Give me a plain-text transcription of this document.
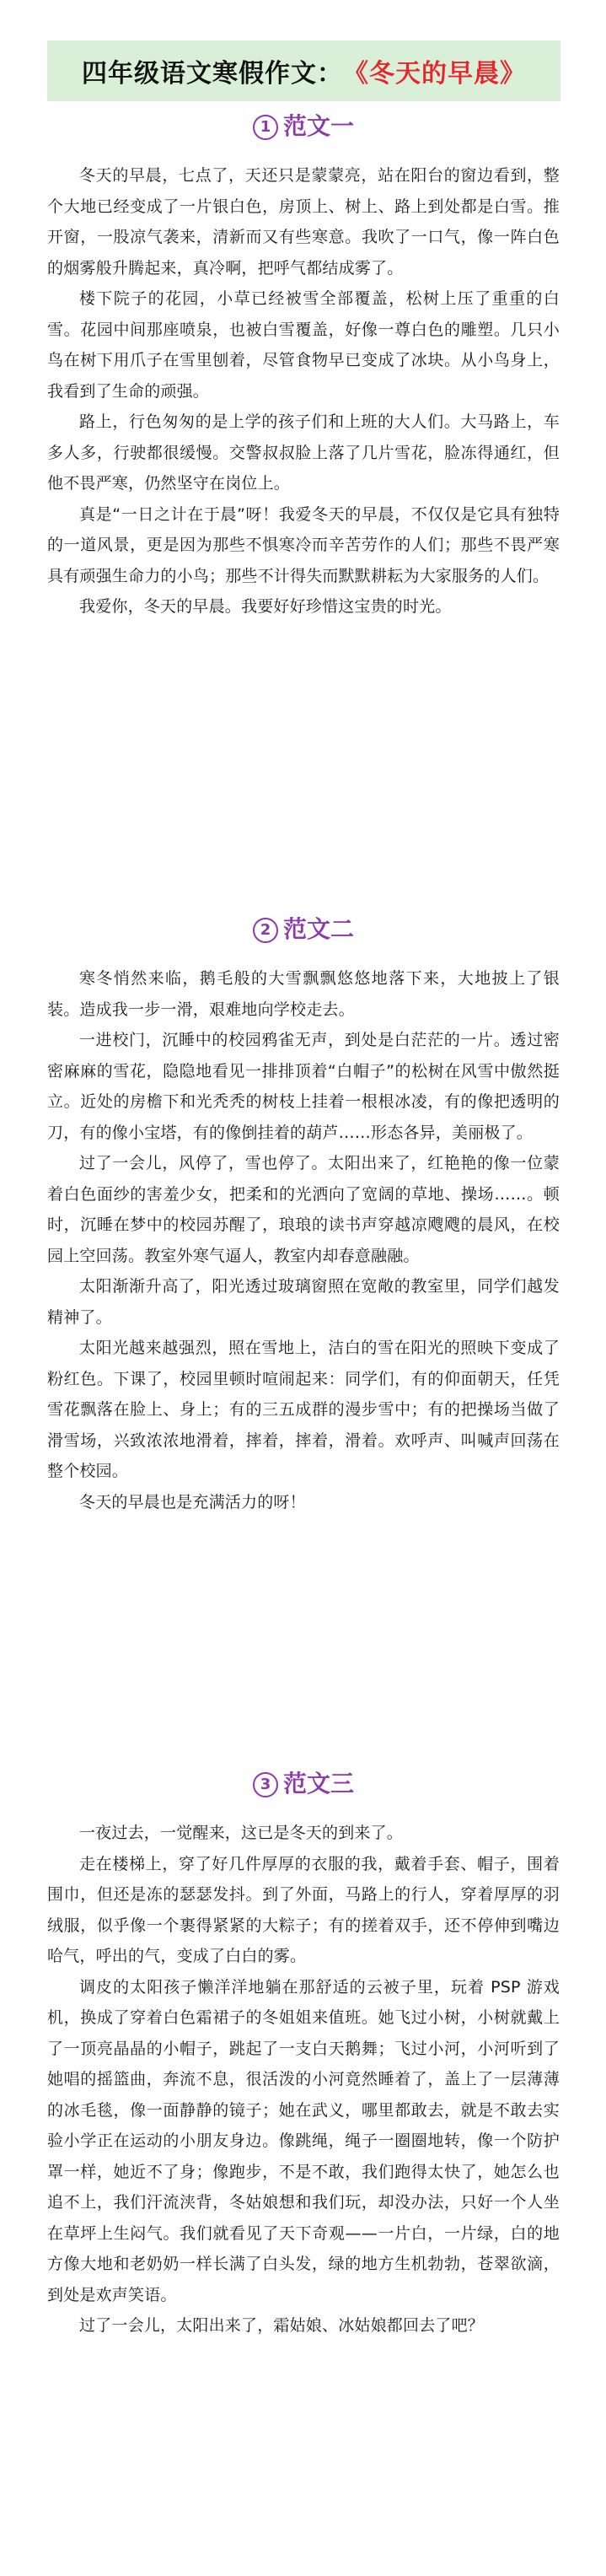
四年级语文寒假作文： 《冬天的早晨》
1 范文一

冬天的早晨，七点了，天还只是蒙蒙亮，站在阳台的窗边看到，整个大地已经变成了一片银白色，房顶上、树上、路上到处都是白雪。推开窗，一股凉气袭来，清新而又有些寒意。我吹了一口气，像一阵白色的烟雾般升腾起来，真冷啊，把呼气都结成雾了。

楼下院子的花园，小草已经被雪全部覆盖，松树上压了重重的白雪。花园中间那座喷泉，也被白雪覆盖，好像一尊白色的雕塑。几只小鸟在树下用爪子在雪里刨着，尽管食物早已变成了冰块。从小鸟身上，我看到了生命的顽强。

路上，行色匆匆的是上学的孩子们和上班的大人们。大马路上，车多人多，行驶都很缓慢。交警叔叔脸上落了几片雪花，脸冻得通红，但他不畏严寒，仍然坚守在岗位上。

真是“一日之计在于晨”呀！我爱冬天的早晨，不仅仅是它具有独特的一道风景，更是因为那些不惧寒冷而辛苦劳作的人们；那些不畏严寒具有顽强生命力的小鸟；那些不计得失而默默耕耘为大家服务的人们。

我爱你，冬天的早晨。我要好好珍惜这宝贵的时光。

2 范文二

寒冬悄然来临，鹅毛般的大雪飘飘悠悠地落下来，大地披上了银装。造成我一步一滑，艰难地向学校走去。

一进校门，沉睡中的校园鸦雀无声，到处是白茫茫的一片。透过密密麻麻的雪花，隐隐地看见一排排顶着“白帽子”的松树在风雪中傲然挺立。近处的房檐下和光秃秃的树枝上挂着一根根冰凌，有的像把透明的刀，有的像小宝塔，有的像倒挂着的葫芦……形态各异，美丽极了。

过了一会儿，风停了，雪也停了。太阳出来了，红艳艳的像一位蒙着白色面纱的害羞少女，把柔和的光洒向了宽阔的草地、操场……。顿时，沉睡在梦中的校园苏醒了，琅琅的读书声穿越凉飕飕的晨风，在校园上空回荡。教室外寒气逼人，教室内却春意融融。

太阳渐渐升高了，阳光透过玻璃窗照在宽敞的教室里，同学们越发精神了。

太阳光越来越强烈，照在雪地上，洁白的雪在阳光的照映下变成了粉红色。下课了，校园里顿时喧闹起来：同学们，有的仰面朝天，任凭雪花飘落在脸上、身上；有的三五成群的漫步雪中；有的把操场当做了滑雪场，兴致浓浓地滑着，摔着，摔着，滑着。欢呼声、叫喊声回荡在整个校园。

冬天的早晨也是充满活力的呀！

3 范文三

一夜过去，一觉醒来，这已是冬天的到来了。

走在楼梯上，穿了好几件厚厚的衣服的我，戴着手套、帽子，围着围巾，但还是冻的瑟瑟发抖。到了外面，马路上的行人，穿着厚厚的羽绒服，似乎像一个裹得紧紧的大粽子；有的搓着双手，还不停伸到嘴边哈气，呼出的气，变成了白白的雾。

调皮的太阳孩子懒洋洋地躺在那舒适的云被子里，玩着 PSP 游戏机，换成了穿着白色霜裙子的冬姐姐来值班。她飞过小树，小树就戴上了一顶亮晶晶的小帽子，跳起了一支白天鹅舞；飞过小河，小河听到了她唱的摇篮曲，奔流不息，很活泼的小河竟然睡着了，盖上了一层薄薄的冰毛毯，像一面静静的镜子；她在武义，哪里都敢去，就是不敢去实验小学正在运动的小朋友身边。像跳绳，绳子一圈圈地转，像一个防护罩一样，她近不了身；像跑步，不是不敢，我们跑得太快了，她怎么也追不上，我们汗流浃背，冬姑娘想和我们玩，却没办法，只好一个人坐在草坪上生闷气。我们就看见了天下奇观——一片白，一片绿，白的地方像大地和老奶奶一样长满了白头发，绿的地方生机勃勃，苍翠欲滴，到处是欢声笑语。

过了一会儿，太阳出来了，霜姑娘、冰姑娘都回去了吧？
